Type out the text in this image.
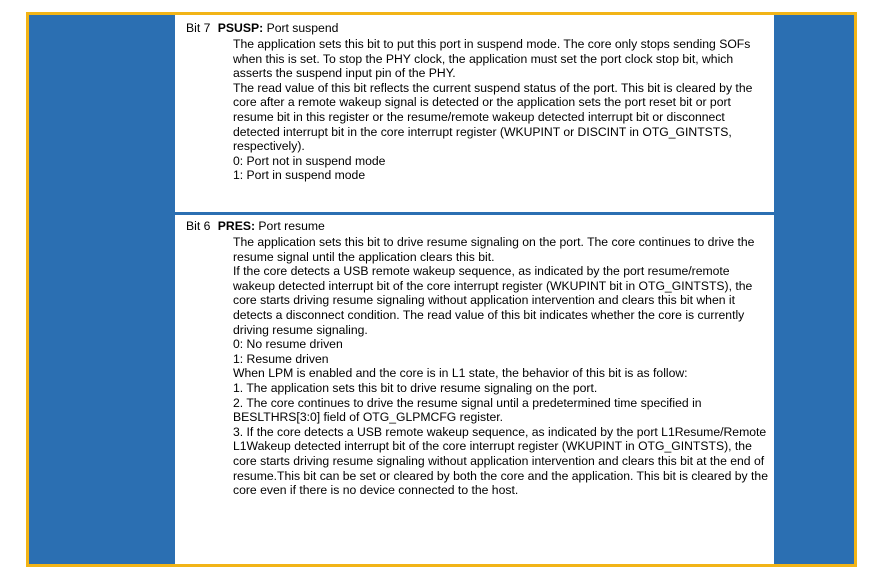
Bit 7 PSUSP: Port suspend

The application sets this bit to put this port in suspend mode. The core only stops sending SOFs when this is set. To stop the PHY clock, the application must set the port clock stop bit, which asserts the suspend input pin of the PHY.

The read value of this bit reflects the current suspend status of the port. This bit is cleared by the core after a remote wakeup signal is detected or the application sets the port reset bit or port resume bit in this register or the resume/remote wakeup detected interrupt bit or disconnect detected interrupt bit in the core interrupt register (WKUPINT or DISCINT in OTG_GINTSTS, respectively).

0: Port not in suspend mode

1: Port in suspend mode

Bit 6 PRES: Port resume

The application sets this bit to drive resume signaling on the port. The core continues to drive the resume signal until the application clears this bit.

If the core detects a USB remote wakeup sequence, as indicated by the port resume/remote wakeup detected interrupt bit of the core interrupt register (WKUPINT bit in OTG_GINTSTS), the core starts driving resume signaling without application intervention and clears this bit when it detects a disconnect condition. The read value of this bit indicates whether the core is currently driving resume signaling.

0: No resume driven

1: Resume driven

When LPM is enabled and the core is in L1 state, the behavior of this bit is as follow:

1. The application sets this bit to drive resume signaling on the port.

2. The core continues to drive the resume signal until a predetermined time specified in BESLTHRS[3:0] field of OTG_GLPMCFG register.

3. If the core detects a USB remote wakeup sequence, as indicated by the port L1Resume/Remote L1Wakeup detected interrupt bit of the core interrupt register (WKUPINT in OTG_GINTSTS), the core starts driving resume signaling without application intervention and clears this bit at the end of resume.This bit can be set or cleared by both the core and the application. This bit is cleared by the core even if there is no device connected to the host.
